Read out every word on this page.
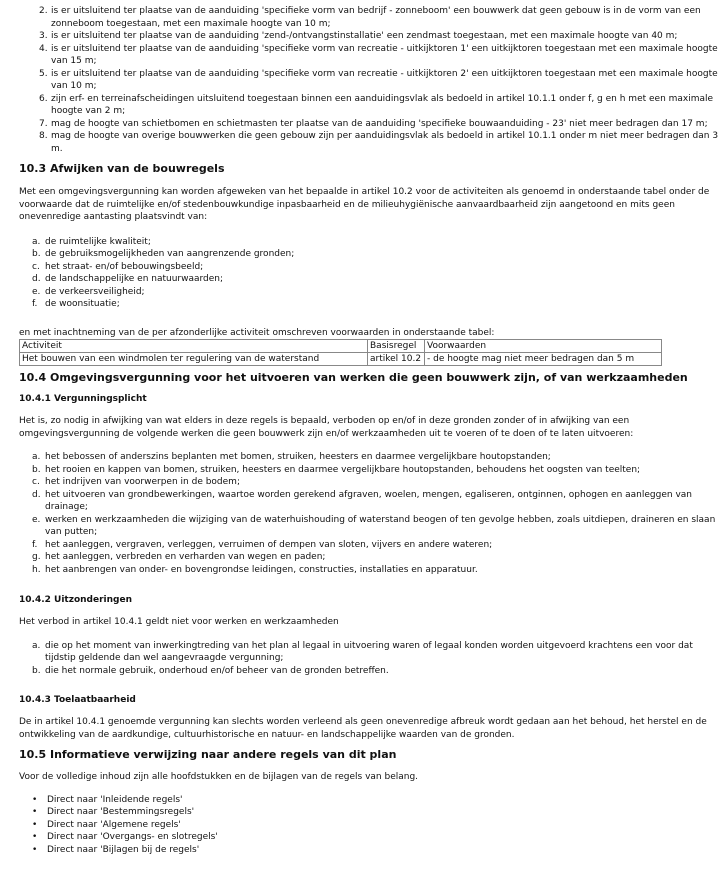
2. is er uitsluitend ter plaatse van de aanduiding 'specifieke vorm van bedrijf - zonneboom' een bouwwerk dat geen gebouw is in de vorm van een zonneboom toegestaan, met een maximale hoogte van 10 m;
3. is er uitsluitend ter plaatse van de aanduiding 'zend-/ontvangstinstallatie' een zendmast toegestaan, met een maximale hoogte van 40 m;
4. is er uitsluitend ter plaatse van de aanduiding 'specifieke vorm van recreatie - uitkijktoren 1' een uitkijktoren toegestaan met een maximale hoogte van 15 m;
5. is er uitsluitend ter plaatse van de aanduiding 'specifieke vorm van recreatie - uitkijktoren 2' een uitkijktoren toegestaan met een maximale hoogte van 10 m;
6. zijn erf- en terreinafscheidingen uitsluitend toegestaan binnen een aanduidingsvlak als bedoeld in artikel 10.1.1 onder f, g en h met een maximale hoogte van 2 m;
7. mag de hoogte van schietbomen en schietmasten ter plaatse van de aanduiding 'specifieke bouwaanduiding - 23' niet meer bedragen dan 17 m;
8. mag de hoogte van overige bouwwerken die geen gebouw zijn per aanduidingsvlak als bedoeld in artikel 10.1.1 onder m niet meer bedragen dan 3 m.
10.3 Afwijken van de bouwregels

Met een omgevingsvergunning kan worden afgeweken van het bepaalde in artikel 10.2 voor de activiteiten als genoemd in onderstaande tabel onder de voorwaarde dat de ruimtelijke en/of stedenbouwkundige inpasbaarheid en de milieuhygiënische aanvaardbaarheid zijn aangetoond en mits geen onevenredige aantasting plaatsvindt van:

a. de ruimtelijke kwaliteit;
b. de gebruiksmogelijkheden van aangrenzende gronden;
c. het straat- en/of bebouwingsbeeld;
d. de landschappelijke en natuurwaarden;
e. de verkeersveiligheid;
f. de woonsituatie;

en met inachtneming van de per afzonderlijke activiteit omschreven voorwaarden in onderstaande tabel:

Activiteit	Basisregel	Voorwaarden
Het bouwen van een windmolen ter regulering van de waterstand	artikel 10.2	- de hoogte mag niet meer bedragen dan 5 m
10.4 Omgevingsvergunning voor het uitvoeren van werken die geen bouwwerk zijn, of van werkzaamheden
10.4.1 Vergunningsplicht

Het is, zo nodig in afwijking van wat elders in deze regels is bepaald, verboden op en/of in deze gronden zonder of in afwijking van een omgevingsvergunning de volgende werken die geen bouwwerk zijn en/of werkzaamheden uit te voeren of te doen of te laten uitvoeren:

a. het bebossen of anderszins beplanten met bomen, struiken, heesters en daarmee vergelijkbare houtopstanden;
b. het rooien en kappen van bomen, struiken, heesters en daarmee vergelijkbare houtopstanden, behoudens het oogsten van teelten;
c. het indrijven van voorwerpen in de bodem;
d. het uitvoeren van grondbewerkingen, waartoe worden gerekend afgraven, woelen, mengen, egaliseren, ontginnen, ophogen en aanleggen van drainage;
e. werken en werkzaamheden die wijziging van de waterhuishouding of waterstand beogen of ten gevolge hebben, zoals uitdiepen, draineren en slaan van putten;
f. het aanleggen, vergraven, verleggen, verruimen of dempen van sloten, vijvers en andere wateren;
g. het aanleggen, verbreden en verharden van wegen en paden;
h. het aanbrengen van onder- en bovengrondse leidingen, constructies, installaties en apparatuur.
10.4.2 Uitzonderingen

Het verbod in artikel 10.4.1 geldt niet voor werken en werkzaamheden

a. die op het moment van inwerkingtreding van het plan al legaal in uitvoering waren of legaal konden worden uitgevoerd krachtens een voor dat tijdstip geldende dan wel aangevraagde vergunning;
b. die het normale gebruik, onderhoud en/of beheer van de gronden betreffen.
10.4.3 Toelaatbaarheid

De in artikel 10.4.1 genoemde vergunning kan slechts worden verleend als geen onevenredige afbreuk wordt gedaan aan het behoud, het herstel en de ontwikkeling van de aardkundige, cultuurhistorische en natuur- en landschappelijke waarden van de gronden.

10.5 Informatieve verwijzing naar andere regels van dit plan

Voor de volledige inhoud zijn alle hoofdstukken en de bijlagen van de regels van belang.

• Direct naar 'Inleidende regels'
• Direct naar 'Bestemmingsregels'
• Direct naar 'Algemene regels'
• Direct naar 'Overgangs- en slotregels'
• Direct naar 'Bijlagen bij de regels'
